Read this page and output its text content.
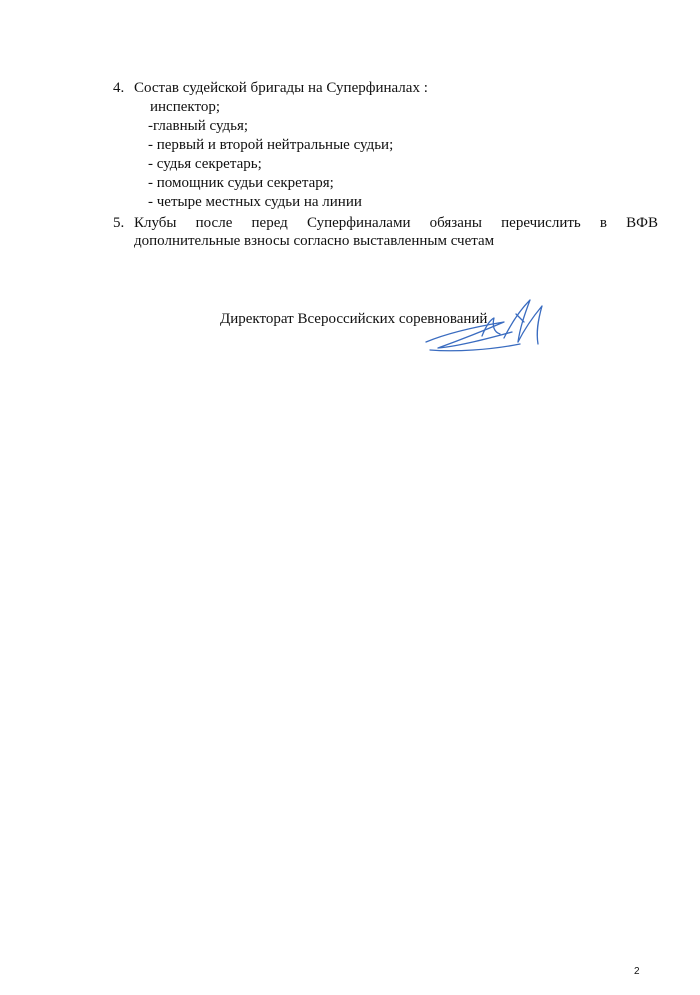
4. Состав судейской бригады на Суперфиналах :
инспектор;
-главный судья;
- первый и второй нейтральные судьи;
- судья секретарь;
- помощник судьи секретаря;
- четыре местных судьи на линии
5. Клубы после перед Суперфиналами обязаны перечислить в ВФВ
дополнительные взносы согласно выставленным счетам
Директорат Всероссийских соревнований
2
